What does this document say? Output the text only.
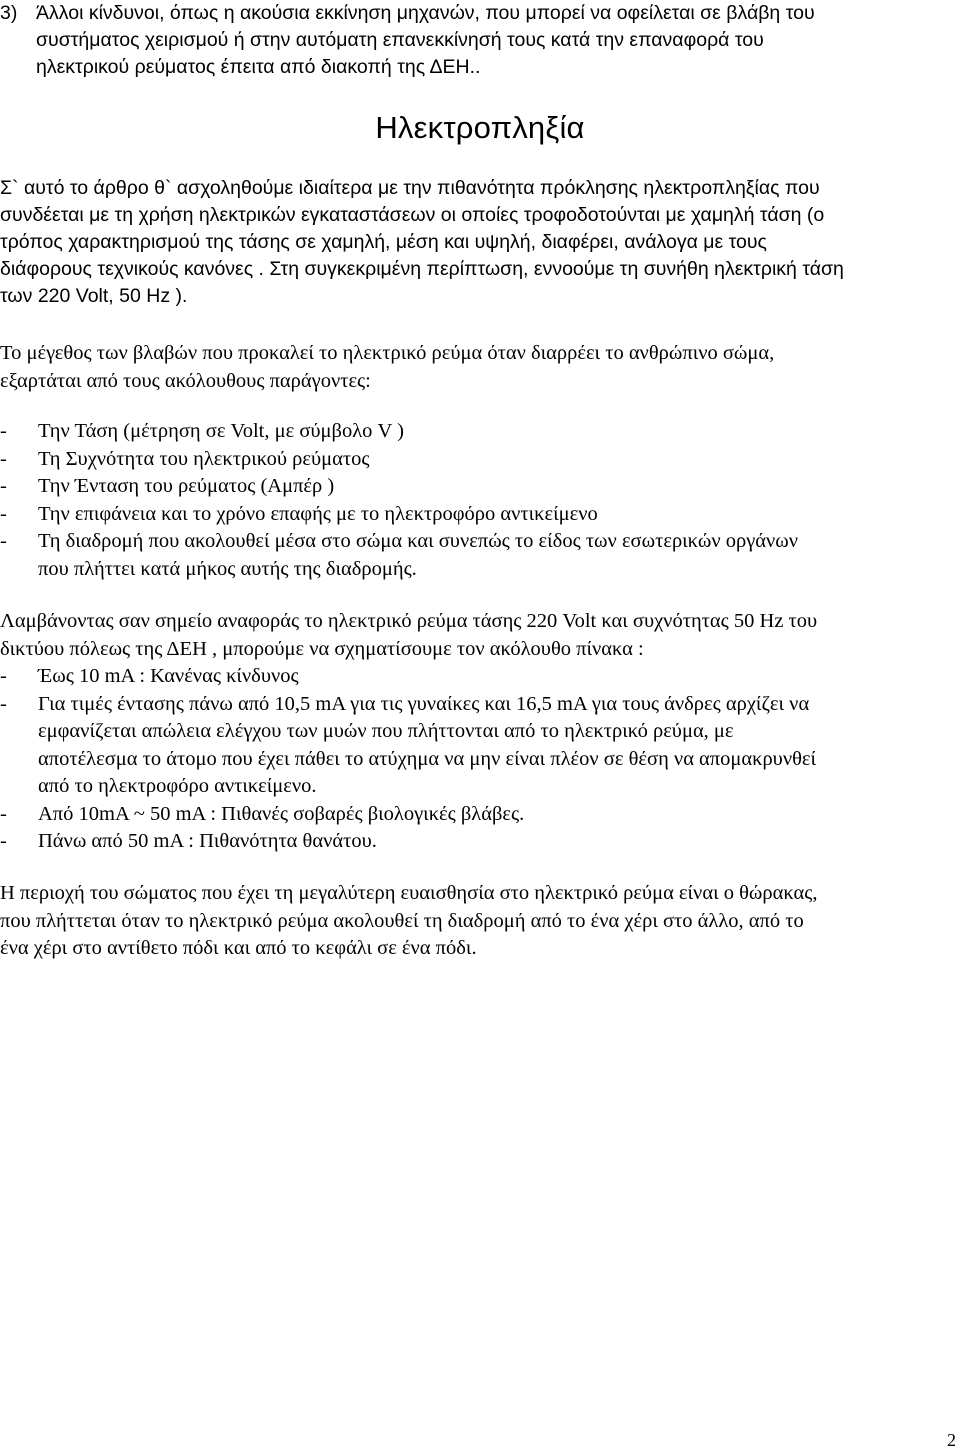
3) Άλλοι κίνδυνοι, όπως η ακούσια εκκίνηση μηχανών, που μπορεί να οφείλεται σε βλάβη του
συστήματος χειρισμού ή στην αυτόματη επανεκκίνησή τους κατά την επαναφορά του
ηλεκτρικού ρεύματος έπειτα από διακοπή της ΔΕΗ..
Ηλεκτροπληξία
Σ` αυτό το άρθρο θ` ασχοληθούμε ιδιαίτερα με την πιθανότητα πρόκλησης ηλεκτροπληξίας που
συνδέεται με τη χρήση ηλεκτρικών εγκαταστάσεων οι οποίες τροφοδοτούνται με χαμηλή τάση (ο
τρόπος χαρακτηρισμού της τάσης σε χαμηλή, μέση και υψηλή, διαφέρει, ανάλογα με τους
διάφορους τεχνικούς κανόνες . Στη συγκεκριμένη περίπτωση, εννοούμε τη συνήθη ηλεκτρική τάση
των 220 Volt, 50 Hz ).
Το μέγεθος των βλαβών που προκαλεί το ηλεκτρικό ρεύμα όταν διαρρέει το ανθρώπινο σώμα,
εξαρτάται από τους ακόλουθους παράγοντες:
-	Την Τάση (μέτρηση σε Volt, με σύμβολο V )
-	Τη Συχνότητα του ηλεκτρικού ρεύματος
-	Την Ένταση του ρεύματος (Αμπέρ )
-	Την επιφάνεια και το χρόνο επαφής με το ηλεκτροφόρο αντικείμενο
-	Τη διαδρομή που ακολουθεί μέσα στο σώμα και συνεπώς το είδος των εσωτερικών οργάνων
που πλήττει κατά μήκος αυτής της διαδρομής.
Λαμβάνοντας σαν σημείο αναφοράς το ηλεκτρικό ρεύμα τάσης 220 Volt και συχνότητας 50 Hz του
δικτύου πόλεως της ΔΕΗ , μπορούμε να σχηματίσουμε τον ακόλουθο πίνακα :
-	Έως 10 mA : Κανένας κίνδυνος
-	Για τιμές έντασης πάνω από 10,5 mA για τις γυναίκες και 16,5 mA για τους άνδρες αρχίζει να
εμφανίζεται απώλεια ελέγχου των μυών που πλήττονται από το ηλεκτρικό ρεύμα, με
αποτέλεσμα το άτομο που έχει πάθει το ατύχημα να μην είναι πλέον σε θέση να απομακρυνθεί
από το ηλεκτροφόρο αντικείμενο.
-	Από 10mA ~ 50 mA : Πιθανές σοβαρές βιολογικές βλάβες.
-	Πάνω από 50 mA : Πιθανότητα θανάτου.
Η περιοχή του σώματος που έχει τη μεγαλύτερη ευαισθησία στο ηλεκτρικό ρεύμα είναι ο θώρακας,
που πλήττεται όταν το ηλεκτρικό ρεύμα ακολουθεί τη διαδρομή από το ένα χέρι στο άλλο, από το
ένα χέρι στο αντίθετο πόδι και από το κεφάλι σε ένα πόδι.
2
